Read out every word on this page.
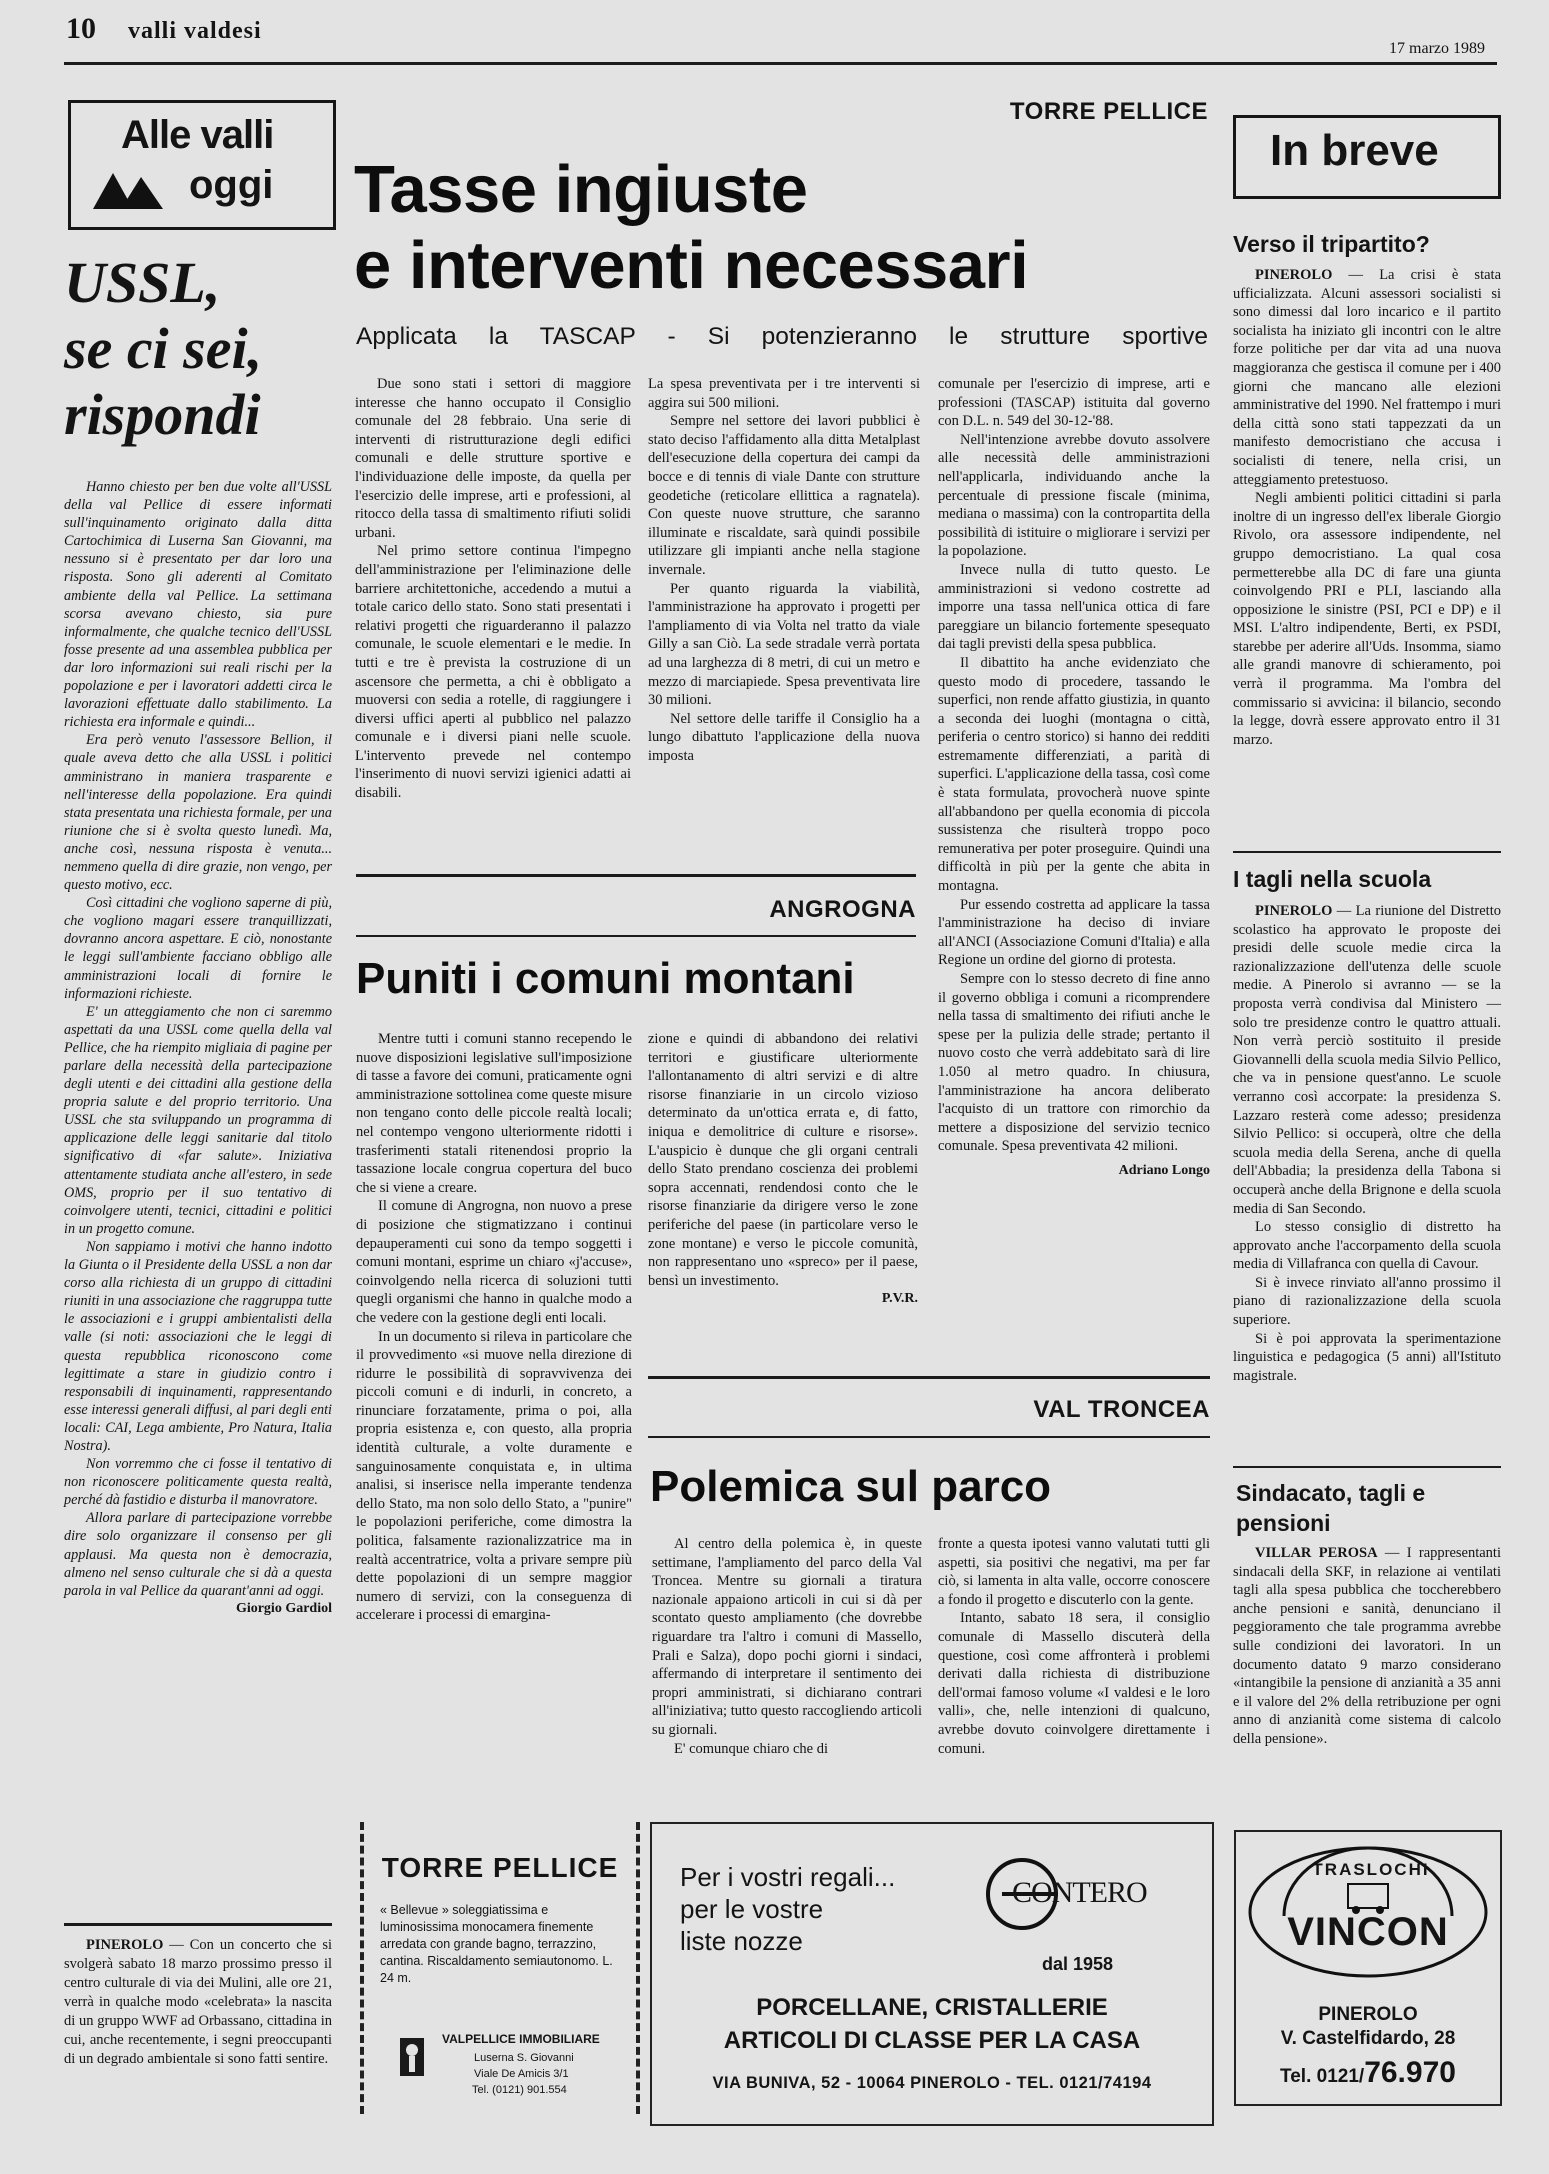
10 valli valdesi
17 marzo 1989
Alle valli
oggi
USSL,
se ci sei,
rispondi

Hanno chiesto per ben due volte all'USSL della val Pellice di essere informati sull'inquinamento originato dalla ditta Cartochimica di Luserna San Giovanni, ma nessuno si è presentato per dar loro una risposta. Sono gli aderenti al Comitato ambiente della val Pellice. La settimana scorsa avevano chiesto, sia pure informalmente, che qualche tecnico dell'USSL fosse presente ad una assemblea pubblica per dar loro informazioni sui reali rischi per la popolazione e per i lavoratori addetti circa le lavorazioni effettuate dallo stabilimento. La richiesta era informale e quindi...

Era però venuto l'assessore Bellion, il quale aveva detto che alla USSL i politici amministrano in maniera trasparente e nell'interesse della popolazione. Era quindi stata presentata una richiesta formale, per una riunione che si è svolta questo lunedì. Ma, anche così, nessuna risposta è venuta... nemmeno quella di dire grazie, non vengo, per questo motivo, ecc.

Così cittadini che vogliono saperne di più, che vogliono magari essere tranquillizzati, dovranno ancora aspettare. E ciò, nonostante le leggi sull'ambiente facciano obbligo alle amministrazioni locali di fornire le informazioni richieste.

E' un atteggiamento che non ci saremmo aspettati da una USSL come quella della val Pellice, che ha riempito migliaia di pagine per parlare della necessità della partecipazione degli utenti e dei cittadini alla gestione della propria salute e del proprio territorio. Una USSL che sta sviluppando un programma di applicazione delle leggi sanitarie dal titolo significativo di «far salute». Iniziativa attentamente studiata anche all'estero, in sede OMS, proprio per il suo tentativo di coinvolgere utenti, tecnici, cittadini e politici in un progetto comune.

Non sappiamo i motivi che hanno indotto la Giunta o il Presidente della USSL a non dar corso alla richiesta di un gruppo di cittadini riuniti in una associazione che raggruppa tutte le associazioni e i gruppi ambientalisti della valle (si noti: associazioni che le leggi di questa repubblica riconoscono come legittimate a stare in giudizio contro i responsabili di inquinamenti, rappresentando esse interessi generali diffusi, al pari degli enti locali: CAI, Lega ambiente, Pro Natura, Italia Nostra).

Non vorremmo che ci fosse il tentativo di non riconoscere politicamente questa realtà, perché dà fastidio e disturba il manovratore.

Allora parlare di partecipazione vorrebbe dire solo organizzare il consenso per gli applausi. Ma questa non è democrazia, almeno nel senso culturale che si dà a questa parola in val Pellice da quarant'anni ad oggi.

Giorgio Gardiol

PINEROLO — Con un concerto che si svolgerà sabato 18 marzo prossimo presso il centro culturale di via dei Mulini, alle ore 21, verrà in qualche modo «celebrata» la nascita di un gruppo WWF ad Orbassano, cittadina in cui, anche recentemente, i segni preoccupanti di un degrado ambientale si sono fatti sentire.

TORRE PELLICE
Tasse ingiuste
e interventi necessari
Applicata la TASCAP - Si potenzieranno le strutture sportive

Due sono stati i settori di maggiore interesse che hanno occupato il Consiglio comunale del 28 febbraio. Una serie di interventi di ristrutturazione degli edifici comunali e delle strutture sportive e l'individuazione delle imposte, da quella per l'esercizio delle imprese, arti e professioni, al ritocco della tassa di smaltimento rifiuti solidi urbani.

Nel primo settore continua l'impegno dell'amministrazione per l'eliminazione delle barriere architettoniche, accedendo a mutui a totale carico dello stato. Sono stati presentati i relativi progetti che riguarderanno il palazzo comunale, le scuole elementari e le medie. In tutti e tre è prevista la costruzione di un ascensore che permetta, a chi è obbligato a muoversi con sedia a rotelle, di raggiungere i diversi uffici aperti al pubblico nel palazzo comunale e i diversi piani nelle scuole. L'intervento prevede nel contempo l'inserimento di nuovi servizi igienici adatti ai disabili.

La spesa preventivata per i tre interventi si aggira sui 500 milioni.

Sempre nel settore dei lavori pubblici è stato deciso l'affidamento alla ditta Metalplast dell'esecuzione della copertura dei campi da bocce e di tennis di viale Dante con strutture geodetiche (reticolare ellittica a ragnatela). Con queste nuove strutture, che saranno illuminate e riscaldate, sarà quindi possibile utilizzare gli impianti anche nella stagione invernale.

Per quanto riguarda la viabilità, l'amministrazione ha approvato i progetti per l'ampliamento di via Volta nel tratto da viale Gilly a san Ciò. La sede stradale verrà portata ad una larghezza di 8 metri, di cui un metro e mezzo di marciapiede. Spesa preventivata lire 30 milioni.

Nel settore delle tariffe il Consiglio ha a lungo dibattuto l'applicazione della nuova imposta

comunale per l'esercizio di imprese, arti e professioni (TASCAP) istituita dal governo con D.L. n. 549 del 30-12-'88.

Nell'intenzione avrebbe dovuto assolvere alle necessità delle amministrazioni nell'applicarla, individuando anche la percentuale di pressione fiscale (minima, mediana o massima) con la contropartita della possibilità di istituire o migliorare i servizi per la popolazione.

Invece nulla di tutto questo. Le amministrazioni si vedono costrette ad imporre una tassa nell'unica ottica di fare pareggiare un bilancio fortemente spesequato dai tagli previsti della spesa pubblica.

Il dibattito ha anche evidenziato che questo modo di procedere, tassando le superfici, non rende affatto giustizia, in quanto a seconda dei luoghi (montagna o città, periferia o centro storico) si hanno dei redditi estremamente differenziati, a parità di superfici. L'applicazione della tassa, così come è stata formulata, provocherà nuove spinte all'abbandono per quella economia di piccola sussistenza che risulterà troppo poco remunerativa per poter proseguire. Quindi una difficoltà in più per la gente che abita in montagna.

Pur essendo costretta ad applicare la tassa l'amministrazione ha deciso di inviare all'ANCI (Associazione Comuni d'Italia) e alla Regione un ordine del giorno di protesta.

Sempre con lo stesso decreto di fine anno il governo obbliga i comuni a ricomprendere nella tassa di smaltimento dei rifiuti anche le spese per la pulizia delle strade; pertanto il nuovo costo che verrà addebitato sarà di lire 1.050 al metro quadro. In chiusura, l'amministrazione ha ancora deliberato l'acquisto di un trattore con rimorchio da mettere a disposizione del servizio tecnico comunale. Spesa preventivata 42 milioni.

Adriano Longo
ANGROGNA
Puniti i comuni montani

Mentre tutti i comuni stanno recependo le nuove disposizioni legislative sull'imposizione di tasse a favore dei comuni, praticamente ogni amministrazione sottolinea come queste misure non tengano conto delle piccole realtà locali; nel contempo vengono ulteriormente ridotti i trasferimenti statali ritenendosi proprio la tassazione locale congrua copertura del buco che si viene a creare.

Il comune di Angrogna, non nuovo a prese di posizione che stigmatizzano i continui depauperamenti cui sono da tempo soggetti i comuni montani, esprime un chiaro «j'accuse», coinvolgendo nella ricerca di soluzioni tutti quegli organismi che hanno in qualche modo a che vedere con la gestione degli enti locali.

In un documento si rileva in particolare che il provvedimento «si muove nella direzione di ridurre le possibilità di sopravvivenza dei piccoli comuni e di indurli, in concreto, a rinunciare forzatamente, prima o poi, alla propria esistenza e, con questo, alla propria identità culturale, a volte duramente e sanguinosamente conquistata e, in ultima analisi, si inserisce nella imperante tendenza dello Stato, ma non solo dello Stato, a "punire" le popolazioni periferiche, come dimostra la politica, falsamente razionalizzatrice ma in realtà accentratrice, volta a privare sempre più dette popolazioni di un sempre maggior numero di servizi, con la conseguenza di accelerare i processi di emargina-

zione e quindi di abbandono dei relativi territori e giustificare ulteriormente l'allontanamento di altri servizi e di altre risorse finanziarie in un circolo vizioso determinato da un'ottica errata e, di fatto, iniqua e demolitrice di culture e risorse». L'auspicio è dunque che gli organi centrali dello Stato prendano coscienza dei problemi sopra accennati, rendendosi conto che le risorse finanziarie da dirigere verso le zone periferiche del paese (in particolare verso le zone montane) e verso le piccole comunità, non rappresentano uno «spreco» per il paese, bensì un investimento.

P.V.R.
VAL TRONCEA
Polemica sul parco

Al centro della polemica è, in queste settimane, l'ampliamento del parco della Val Troncea. Mentre su giornali a tiratura nazionale appaiono articoli in cui si dà per scontato questo ampliamento (che dovrebbe riguardare tra l'altro i comuni di Massello, Prali e Salza), dopo pochi giorni i sindaci, affermando di interpretare il sentimento dei propri amministrati, si dichiarano contrari all'iniziativa; tutto questo raccogliendo articoli su giornali.

E' comunque chiaro che di

fronte a questa ipotesi vanno valutati tutti gli aspetti, sia positivi che negativi, ma per far ciò, si lamenta in alta valle, occorre conoscere a fondo il progetto e discuterlo con la gente.

Intanto, sabato 18 sera, il consiglio comunale di Massello discuterà della questione, così come affronterà i problemi derivati dalla richiesta di distribuzione dell'ormai famoso volume «I valdesi e le loro valli», che, nelle intenzioni di qualcuno, avrebbe dovuto coinvolgere direttamente i comuni.

In breve
Verso il tripartito?

PINEROLO — La crisi è stata ufficializzata. Alcuni assessori socialisti si sono dimessi dal loro incarico e il partito socialista ha iniziato gli incontri con le altre forze politiche per dar vita ad una nuova maggioranza che gestisca il comune per i 400 giorni che mancano alle elezioni amministrative del 1990. Nel frattempo i muri della città sono stati tappezzati da un manifesto democristiano che accusa i socialisti di tenere, nella crisi, un atteggiamento pretestuoso.

Negli ambienti politici cittadini si parla inoltre di un ingresso dell'ex liberale Giorgio Rivolo, ora assessore indipendente, nel gruppo democristiano. La qual cosa permetterebbe alla DC di fare una giunta coinvolgendo PRI e PLI, lasciando alla opposizione le sinistre (PSI, PCI e DP) e il MSI. L'altro indipendente, Berti, ex PSDI, starebbe per aderire all'Uds. Insomma, siamo alle grandi manovre di schieramento, poi verrà il programma. Ma l'ombra del commissario si avvicina: il bilancio, secondo la legge, dovrà essere approvato entro il 31 marzo.

I tagli nella scuola

PINEROLO — La riunione del Distretto scolastico ha approvato le proposte dei presidi delle scuole medie circa la razionalizzazione dell'utenza delle scuole medie. A Pinerolo si avranno — se la proposta verrà condivisa dal Ministero — solo tre presidenze contro le quattro attuali. Non verrà perciò sostituito il preside Giovannelli della scuola media Silvio Pellico, che va in pensione quest'anno. Le scuole verranno così accorpate: la presidenza S. Lazzaro resterà come adesso; presidenza Silvio Pellico: si occuperà, oltre che della scuola media della Serena, anche di quella dell'Abbadia; la presidenza della Tabona si occuperà anche della Brignone e della scuola media di San Secondo.

Lo stesso consiglio di distretto ha approvato anche l'accorpamento della scuola media di Villafranca con quella di Cavour.

Si è invece rinviato all'anno prossimo il piano di razionalizzazione della scuola superiore.

Si è poi approvata la sperimentazione linguistica e pedagogica (5 anni) all'Istituto magistrale.

Sindacato, tagli e pensioni

VILLAR PEROSA — I rappresentanti sindacali della SKF, in relazione ai ventilati tagli alla spesa pubblica che toccherebbero anche pensioni e sanità, denunciano il peggioramento che tale programma avrebbe sulle condizioni dei lavoratori. In un documento datato 9 marzo considerano «intangibile la pensione di anzianità a 35 anni e il valore del 2% della retribuzione per ogni anno di anzianità come sistema di calcolo della pensione».

TORRE PELLICE
« Bellevue » soleggiatissima e luminosissima monocamera finemente arredata con grande bagno, terrazzino, cantina. Riscaldamento semiautonomo. L. 24 m.
VALPELLICE IMMOBILIARE
Luserna S. Giovanni
Viale De Amicis 3/1
Tel. (0121) 901.554
Per i vostri regali...
per le vostre
liste nozze
CONTERO
dal 1958
PORCELLANE, CRISTALLERIE
ARTICOLI DI CLASSE PER LA CASA
VIA BUNIVA, 52 - 10064 PINEROLO - TEL. 0121/74194
TRASLOCHI
VINCON
PINEROLO
V. Castelfidardo, 28
Tel. 0121/76.970
